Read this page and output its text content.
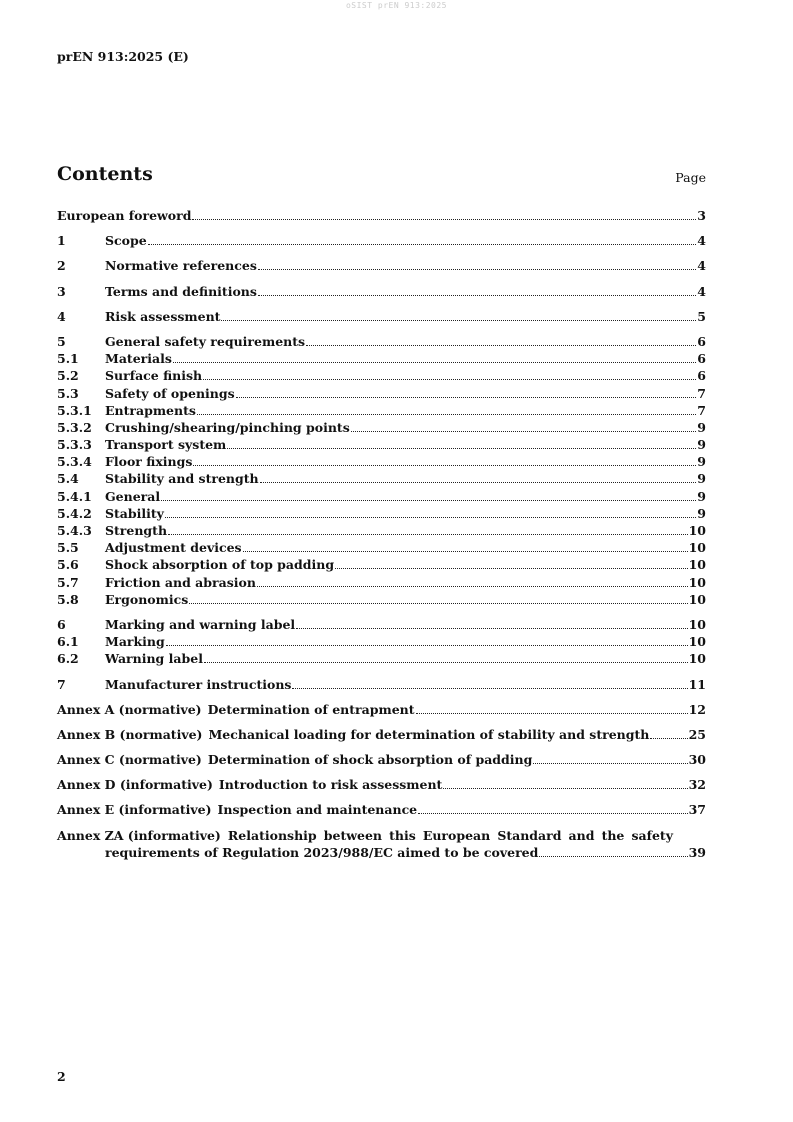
oSIST prEN 913:2025
prEN 913:2025 (E)
Contents	Page
European foreword	3
1	Scope	4
2	Normative references	4
3	Terms and definitions	4
4	Risk assessment	5
5	General safety requirements	6
5.1	Materials	6
5.2	Surface finish	6
5.3	Safety of openings	7
5.3.1	Entrapments	7
5.3.2	Crushing/shearing/pinching points	9
5.3.3	Transport system	9
5.3.4	Floor fixings	9
5.4	Stability and strength	9
5.4.1	General	9
5.4.2	Stability	9
5.4.3	Strength	10
5.5	Adjustment devices	10
5.6	Shock absorption of top padding	10
5.7	Friction and abrasion	10
5.8	Ergonomics	10
6	Marking and warning label	10
6.1	Marking	10
6.2	Warning label	10
7	Manufacturer instructions	11
Annex A (normative) Determination of entrapment	12
Annex B (normative) Mechanical loading for determination of stability and strength	25
Annex C (normative) Determination of shock absorption of padding	30
Annex D (informative) Introduction to risk assessment	32
Annex E (informative) Inspection and maintenance	37
Annex ZA (informative) Relationship between this European Standard and the safety
requirements of Regulation 2023/988/EC aimed to be covered	39
2
